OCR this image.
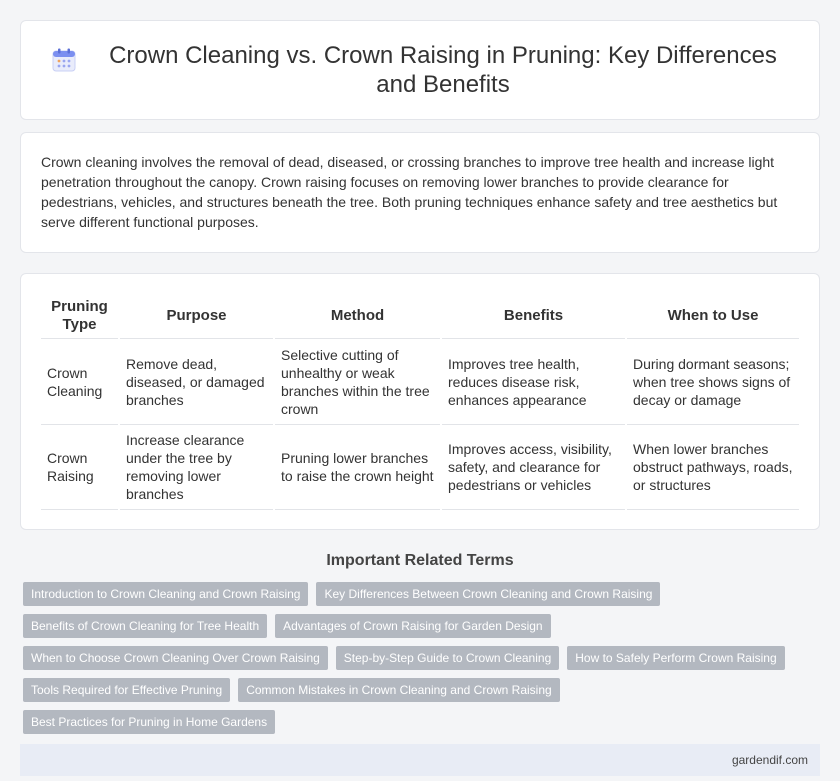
Crown Cleaning vs. Crown Raising in Pruning: Key Differences and Benefits

Crown cleaning involves the removal of dead, diseased, or crossing branches to improve tree health and increase light penetration throughout the canopy. Crown raising focuses on removing lower branches to provide clearance for pedestrians, vehicles, and structures beneath the tree. Both pruning techniques enhance safety and tree aesthetics but serve different functional purposes.

Pruning Type	Purpose	Method	Benefits	When to Use
Crown Cleaning	Remove dead, diseased, or damaged branches	Selective cutting of unhealthy or weak branches within the tree crown	Improves tree health, reduces disease risk, enhances appearance	During dormant seasons; when tree shows signs of decay or damage
Crown Raising	Increase clearance under the tree by removing lower branches	Pruning lower branches to raise the crown height	Improves access, visibility, safety, and clearance for pedestrians or vehicles	When lower branches obstruct pathways, roads, or structures
Important Related Terms
Introduction to Crown Cleaning and Crown Raising	Key Differences Between Crown Cleaning and Crown Raising
Benefits of Crown Cleaning for Tree Health	Advantages of Crown Raising for Garden Design
When to Choose Crown Cleaning Over Crown Raising	Step-by-Step Guide to Crown Cleaning	How to Safely Perform Crown Raising
Tools Required for Effective Pruning	Common Mistakes in Crown Cleaning and Crown Raising
Best Practices for Pruning in Home Gardens
gardendif.com
